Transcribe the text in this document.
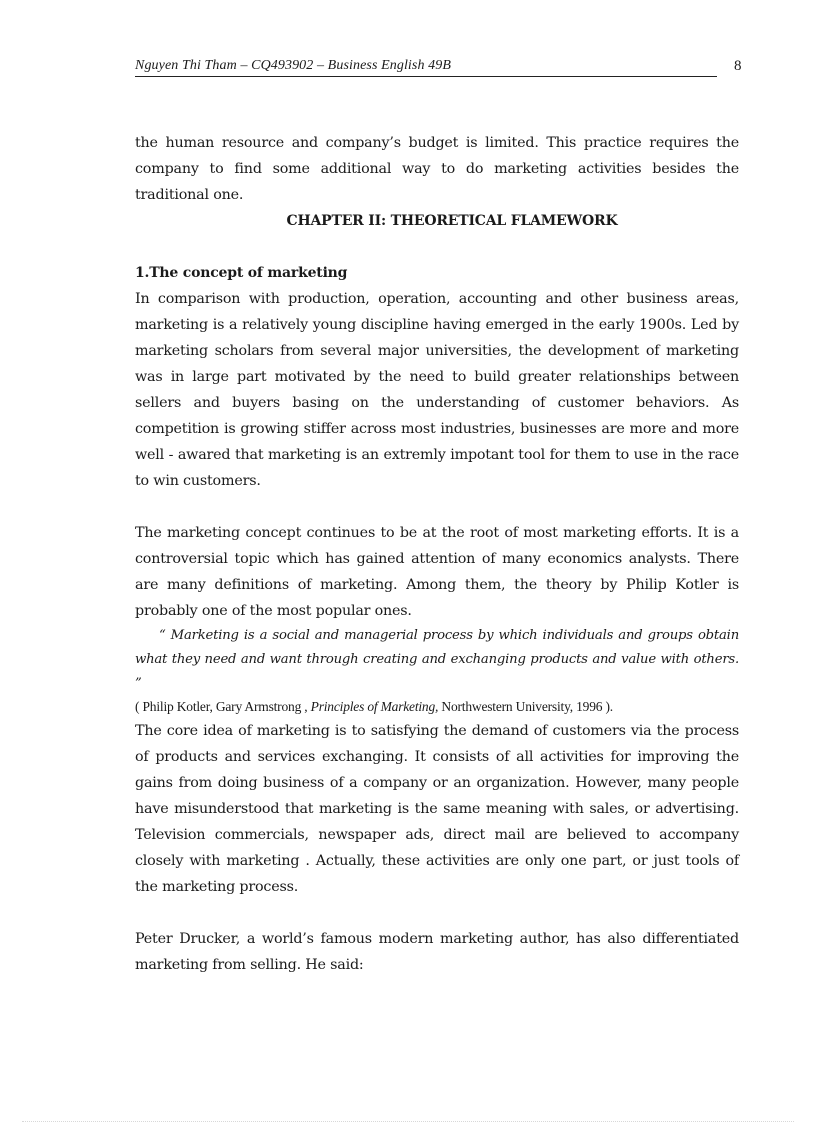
Nguyen Thi Tham – CQ493902 – Business English 49B	8

the human resource and company’s budget is limited. This practice requires the company to find some additional way to do marketing activities besides the traditional one.

CHAPTER II: THEORETICAL FLAMEWORK
1.The concept of marketing

In comparison with production, operation, accounting and other business areas, marketing is a relatively young discipline having emerged in the early 1900s. Led by marketing scholars from several major universities, the development of marketing was in large part motivated by the need to build greater relationships between sellers and buyers basing on the understanding of customer behaviors. As competition is growing stiffer across most industries, businesses are more and more well - awared that marketing is an extremly impotant tool for them to use in the race to win customers.

The marketing concept continues to be at the root of most marketing efforts. It is a controversial topic which has gained attention of many economics analysts. There are many definitions of marketing. Among them, the theory by Philip Kotler is probably one of the most popular ones.

“ Marketing is a social and managerial process by which individuals and groups obtain what they need and want through creating and exchanging products and value with others. ”

( Philip Kotler, Gary Armstrong , Principles of Marketing, Northwestern University, 1996 ).

The core idea of marketing is to satisfying the demand of customers via the process of products and services exchanging. It consists of all activities for improving the gains from doing business of a company or an organization. However, many people have misunderstood that marketing is the same meaning with sales, or advertising. Television commercials, newspaper ads, direct mail are believed to accompany closely with marketing . Actually, these activities are only one part, or just tools of the marketing process.

Peter Drucker, a world’s famous modern marketing author, has also differentiated marketing from selling. He said:
